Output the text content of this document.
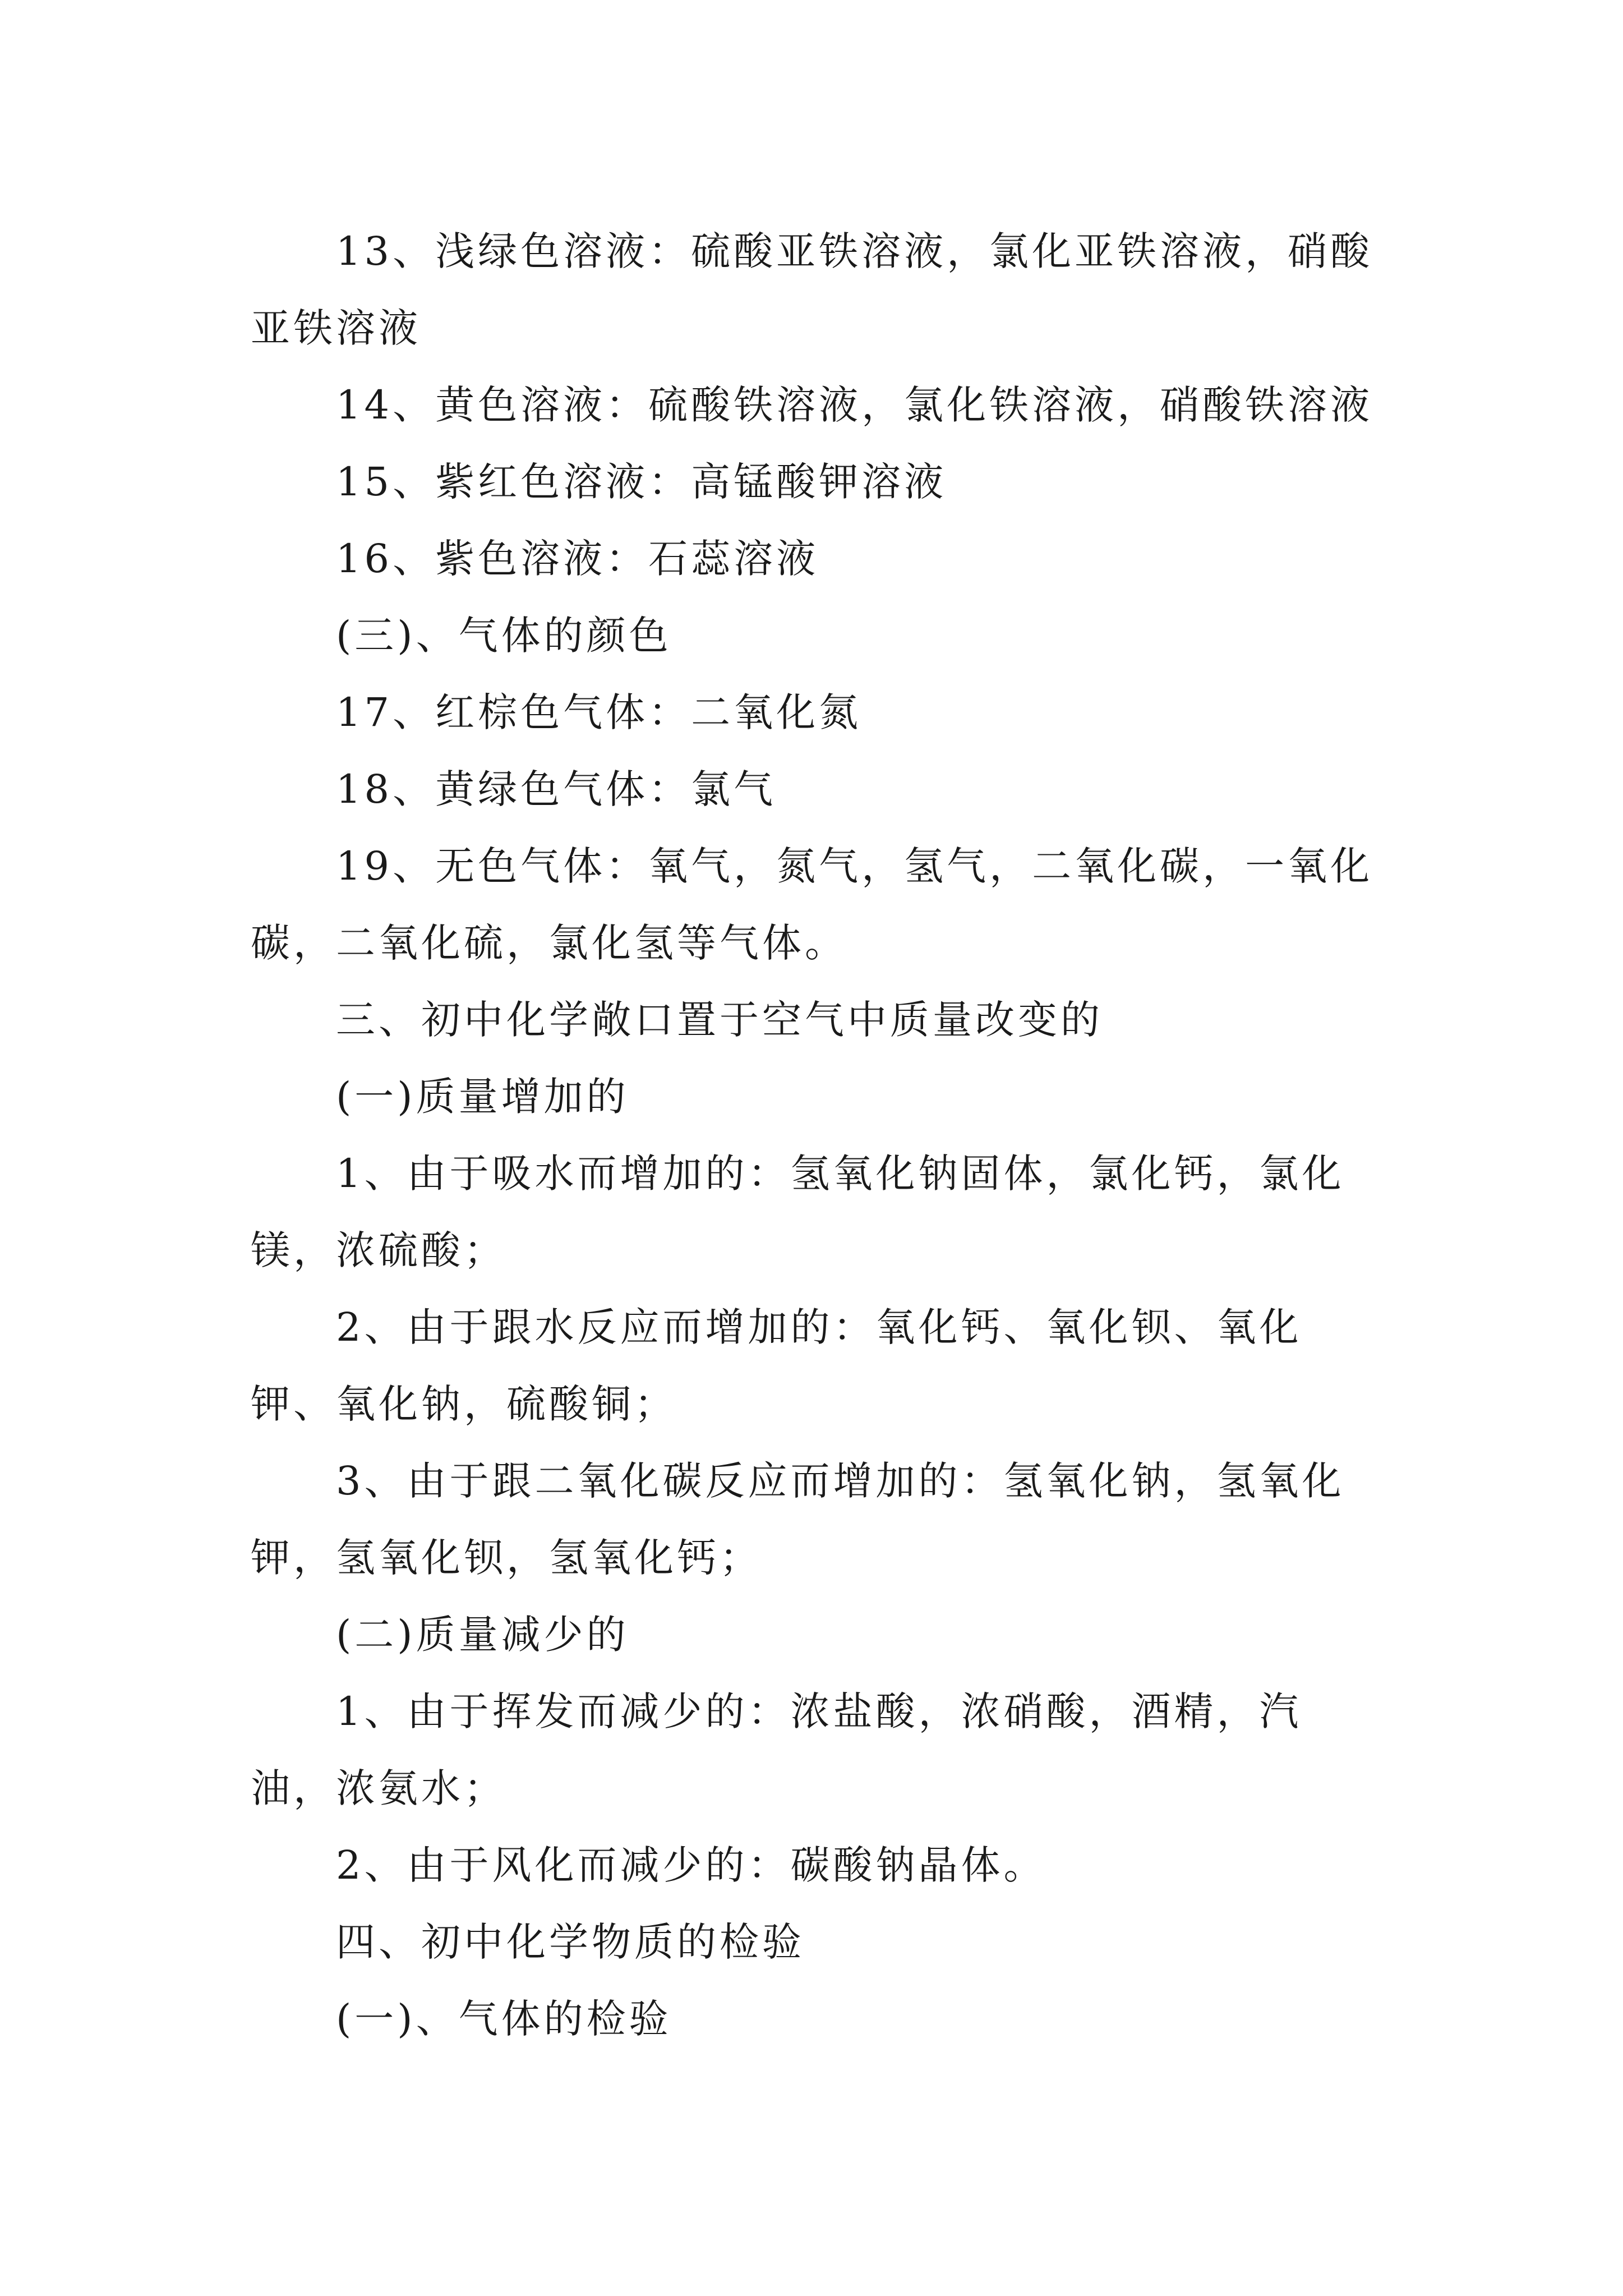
13、浅绿色溶液：硫酸亚铁溶液，氯化亚铁溶液，硝酸亚铁溶液

14、黄色溶液：硫酸铁溶液，氯化铁溶液，硝酸铁溶液

15、紫红色溶液：高锰酸钾溶液

16、紫色溶液：石蕊溶液

(三)、气体的颜色

17、红棕色气体：二氧化氮

18、黄绿色气体：氯气

19、无色气体：氧气，氮气，氢气，二氧化碳，一氧化碳，二氧化硫，氯化氢等气体。

三、初中化学敞口置于空气中质量改变的

(一)质量增加的

1、由于吸水而增加的：氢氧化钠固体，氯化钙，氯化镁，浓硫酸；

2、由于跟水反应而增加的：氧化钙、氧化钡、氧化钾、氧化钠，硫酸铜；

3、由于跟二氧化碳反应而增加的：氢氧化钠，氢氧化钾，氢氧化钡，氢氧化钙；

(二)质量减少的

1、由于挥发而减少的：浓盐酸，浓硝酸，酒精，汽油，浓氨水；

2、由于风化而减少的：碳酸钠晶体。

四、初中化学物质的检验

(一)、气体的检验
